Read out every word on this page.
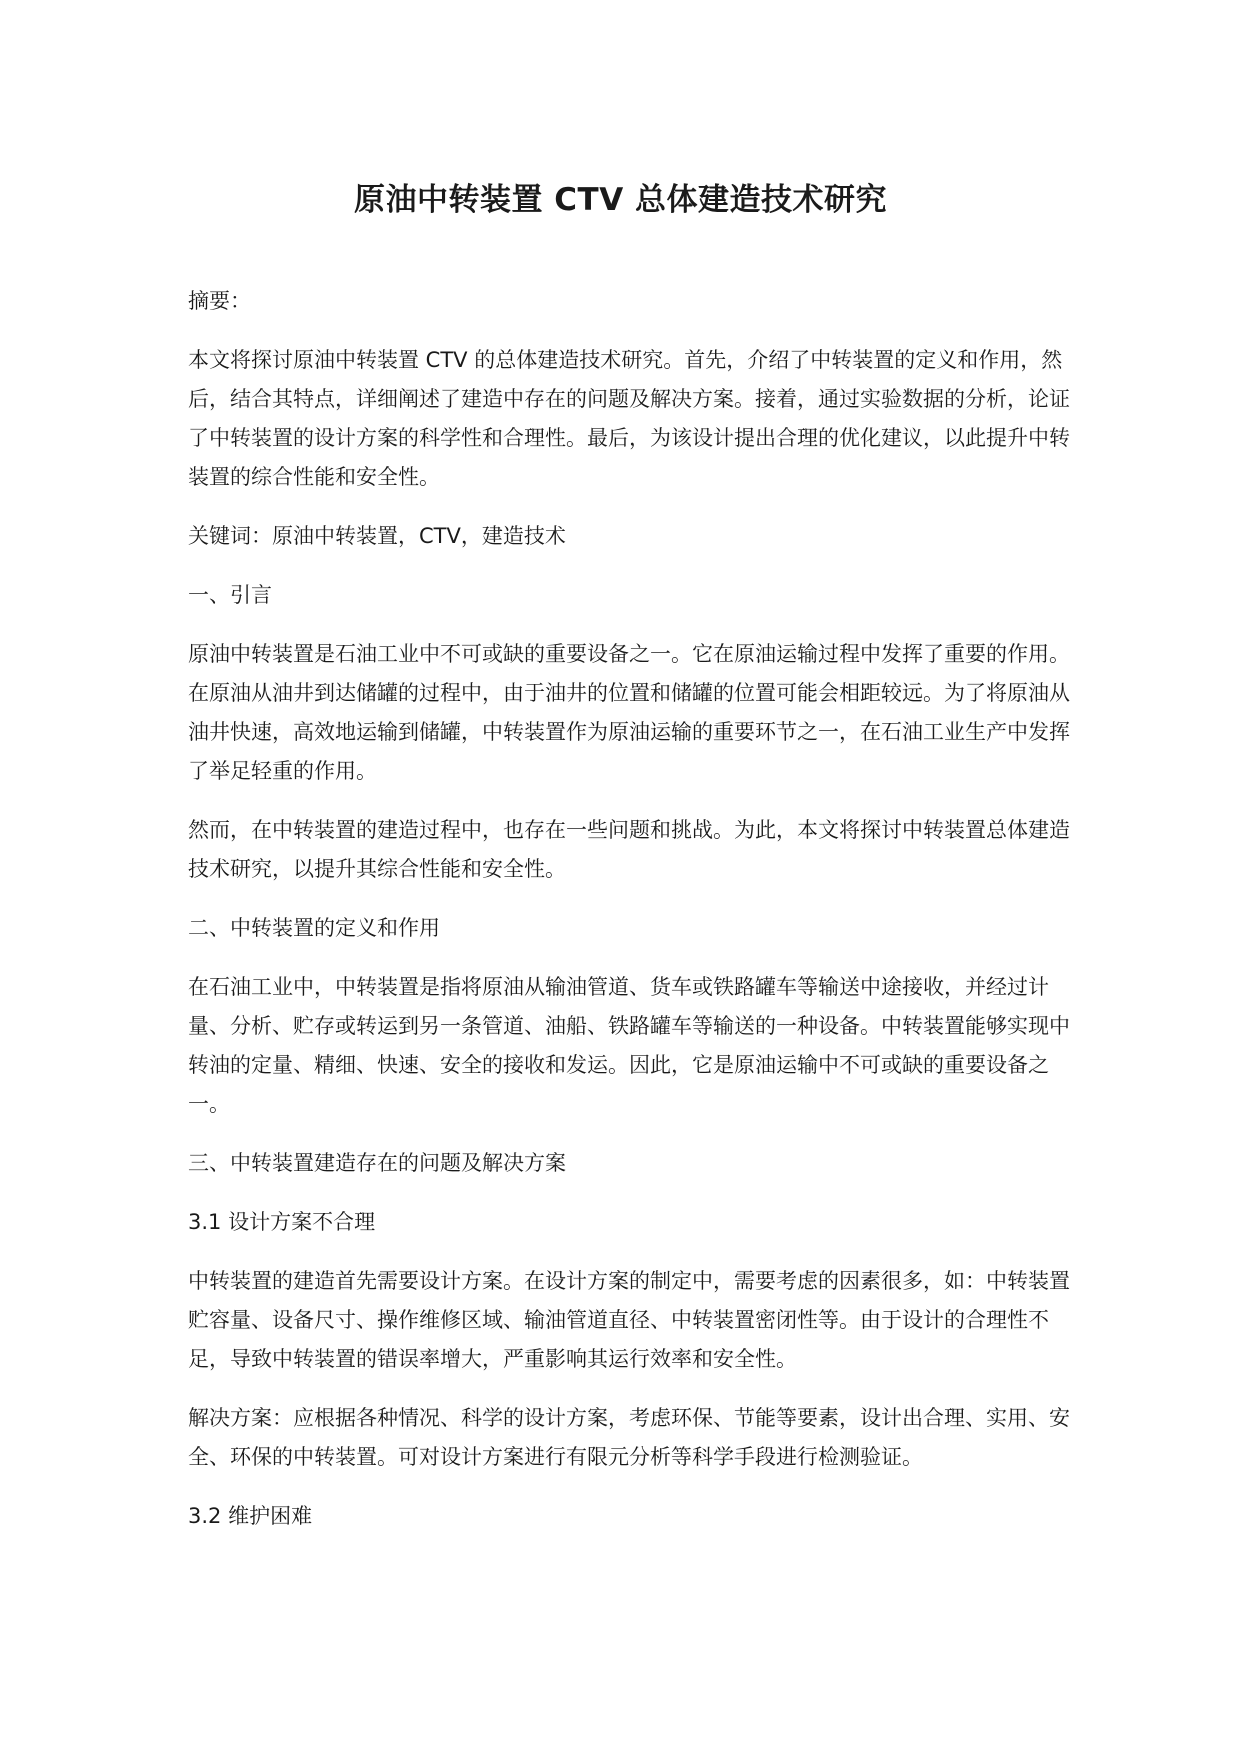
原油中转装置 CTV 总体建造技术研究

摘要：

本文将探讨原油中转装置 CTV 的总体建造技术研究。首先，介绍了中转装置的定义和作用，然后，结合其特点，详细阐述了建造中存在的问题及解决方案。接着，通过实验数据的分析，论证了中转装置的设计方案的科学性和合理性。最后，为该设计提出合理的优化建议，以此提升中转装置的综合性能和安全性。

关键词：原油中转装置，CTV，建造技术

一、引言

原油中转装置是石油工业中不可或缺的重要设备之一。它在原油运输过程中发挥了重要的作用。在原油从油井到达储罐的过程中，由于油井的位置和储罐的位置可能会相距较远。为了将原油从油井快速，高效地运输到储罐，中转装置作为原油运输的重要环节之一，在石油工业生产中发挥了举足轻重的作用。

然而，在中转装置的建造过程中，也存在一些问题和挑战。为此，本文将探讨中转装置总体建造技术研究，以提升其综合性能和安全性。

二、中转装置的定义和作用

在石油工业中，中转装置是指将原油从输油管道、货车或铁路罐车等输送中途接收，并经过计量、分析、贮存或转运到另一条管道、油船、铁路罐车等输送的一种设备。中转装置能够实现中转油的定量、精细、快速、安全的接收和发运。因此，它是原油运输中不可或缺的重要设备之一。

三、中转装置建造存在的问题及解决方案

3.1 设计方案不合理

中转装置的建造首先需要设计方案。在设计方案的制定中，需要考虑的因素很多，如：中转装置贮容量、设备尺寸、操作维修区域、输油管道直径、中转装置密闭性等。由于设计的合理性不足，导致中转装置的错误率增大，严重影响其运行效率和安全性。

解决方案：应根据各种情况、科学的设计方案，考虑环保、节能等要素，设计出合理、实用、安全、环保的中转装置。可对设计方案进行有限元分析等科学手段进行检测验证。

3.2 维护困难
